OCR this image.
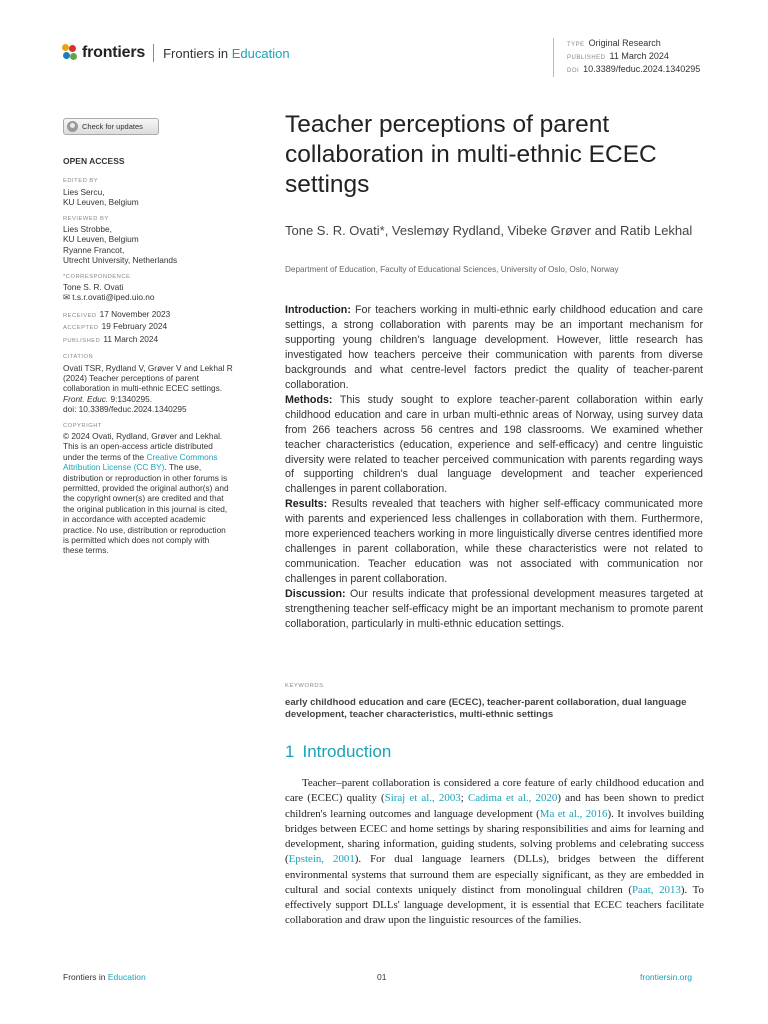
frontiers Frontiers in Education
TYPE Original Research
PUBLISHED 11 March 2024
DOI 10.3389/feduc.2024.1340295
Check for updates
OPEN ACCESS
EDITED BY
Lies Sercu,
KU Leuven, Belgium
REVIEWED BY
Lies Strobbe,
KU Leuven, Belgium
Ryanne Francot,
Utrecht University, Netherlands
*CORRESPONDENCE
Tone S. R. Ovati
✉ t.s.r.ovati@iped.uio.no
RECEIVED 17 November 2023
ACCEPTED 19 February 2024
PUBLISHED 11 March 2024
CITATION
Ovati TSR, Rydland V, Grøver V and Lekhal R
(2024) Teacher perceptions of parent
collaboration in multi-ethnic ECEC settings.
Front. Educ. 9:1340295.
doi: 10.3389/feduc.2024.1340295
COPYRIGHT
© 2024 Ovati, Rydland, Grøver and Lekhal.
This is an open-access article distributed
under the terms of the Creative Commons Attribution License (CC BY). The use,
distribution or reproduction in other forums is
permitted, provided the original author(s) and
the copyright owner(s) are credited and that
the original publication in this journal is cited,
in accordance with accepted academic
practice. No use, distribution or reproduction
is permitted which does not comply with
these terms.
Teacher perceptions of parent collaboration in multi-ethnic ECEC settings
Tone S. R. Ovati*, Veslemøy Rydland, Vibeke Grøver and Ratib Lekhal
Department of Education, Faculty of Educational Sciences, University of Oslo, Oslo, Norway

Introduction: For teachers working in multi-ethnic early childhood education and care settings, a strong collaboration with parents may be an important mechanism for supporting young children's language development. However, little research has investigated how teachers perceive their communication with parents from diverse backgrounds and what centre-level factors predict the quality of teacher-parent collaboration.

Methods: This study sought to explore teacher-parent collaboration within early childhood education and care in urban multi-ethnic areas of Norway, using survey data from 266 teachers across 56 centres and 198 classrooms. We examined whether teacher characteristics (education, experience and self-efficacy) and centre linguistic diversity were related to teacher perceived communication with parents regarding ways of supporting children's dual language development and teacher experienced challenges in parent collaboration.

Results: Results revealed that teachers with higher self-efficacy communicated more with parents and experienced less challenges in collaboration with them. Furthermore, more experienced teachers working in more linguistically diverse centres identified more challenges in parent collaboration, while these characteristics were not related to communication. Teacher education was not associated with communication nor challenges in parent collaboration.

Discussion: Our results indicate that professional development measures targeted at strengthening teacher self-efficacy might be an important mechanism to promote parent collaboration, particularly in multi-ethnic education settings.

KEYWORDS
early childhood education and care (ECEC), teacher-parent collaboration, dual language development, teacher characteristics, multi-ethnic settings
1 Introduction

Teacher–parent collaboration is considered a core feature of early childhood education and care (ECEC) quality (Siraj et al., 2003; Cadima et al., 2020) and has been shown to predict children's learning outcomes and language development (Ma et al., 2016). It involves building bridges between ECEC and home settings by sharing responsibilities and aims for learning and development, sharing information, guiding students, solving problems and celebrating success (Epstein, 2001). For dual language learners (DLLs), bridges between the different environmental systems that surround them are especially significant, as they are embedded in cultural and social contexts uniquely distinct from monolingual children (Paat, 2013). To effectively support DLLs' language development, it is essential that ECEC teachers facilitate collaboration and draw upon the linguistic resources of the families.

Frontiers in Education	01	frontiersin.org
